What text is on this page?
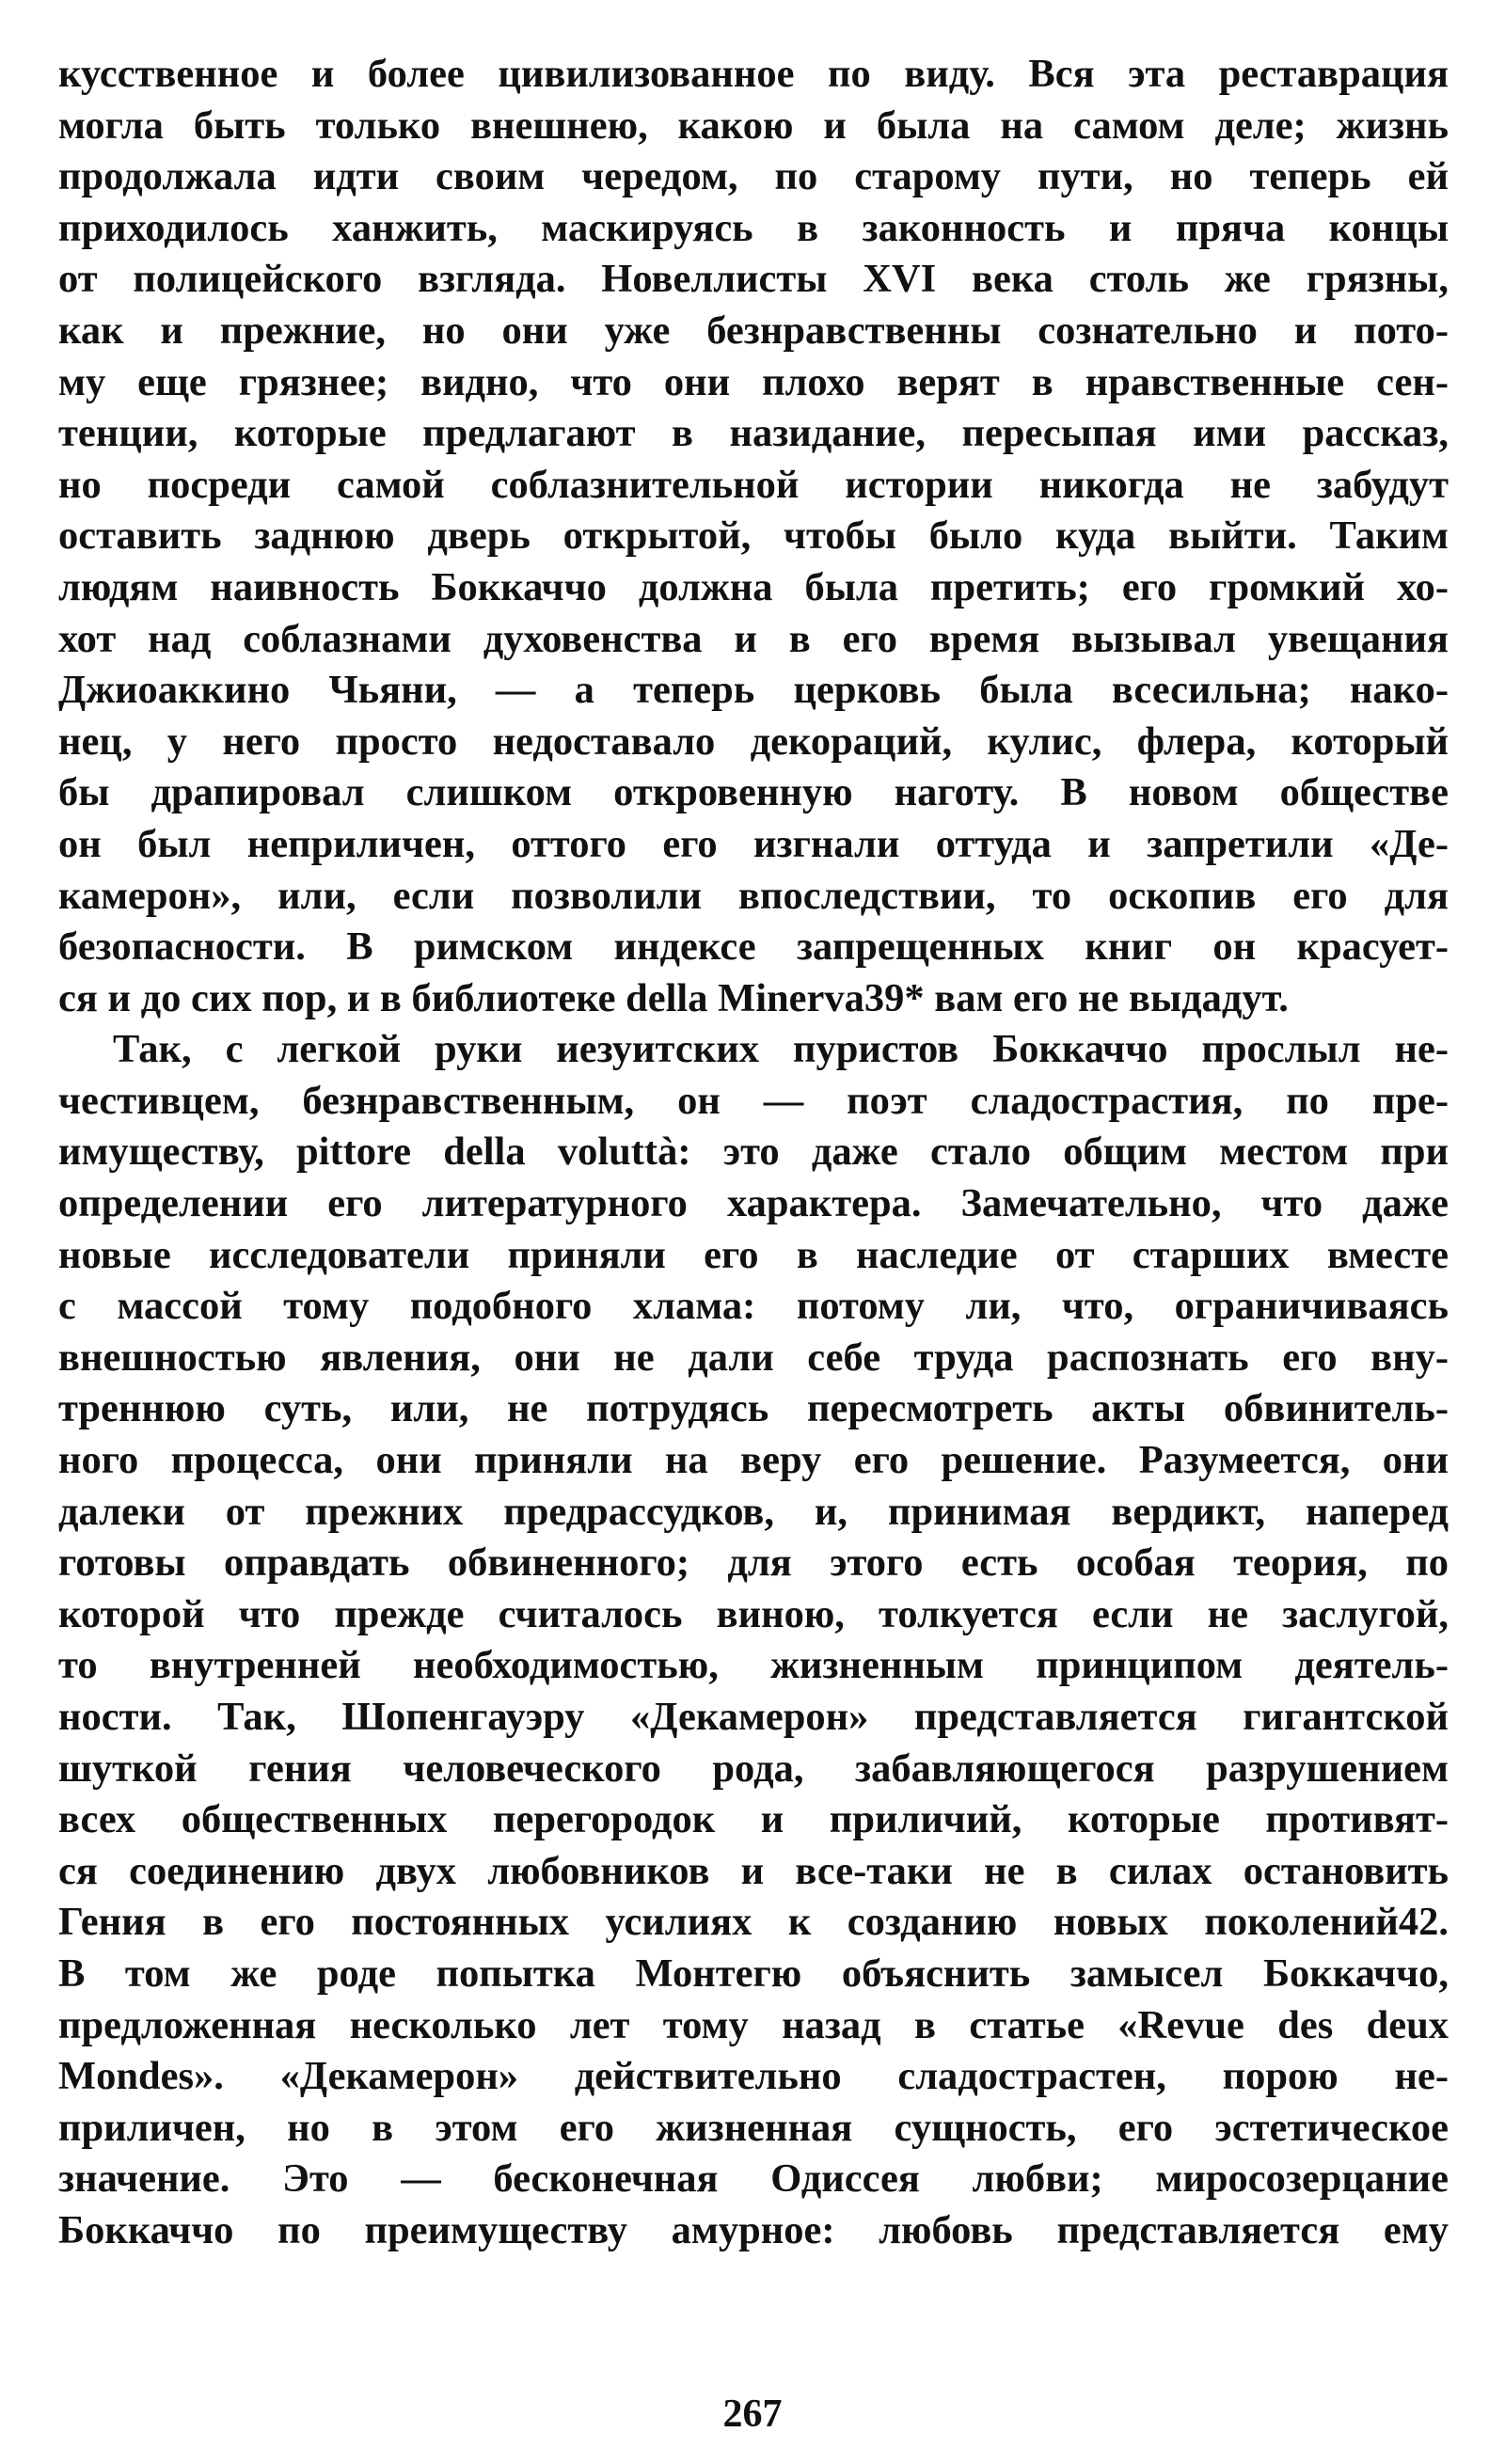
кусственное и более цивилизованное по виду. Вся эта реставрация
могла быть только внешнею, какою и была на самом деле; жизнь
продолжала идти своим чередом, по старому пути, но теперь ей
приходилось ханжить, маскируясь в законность и пряча концы
от полицейского взгляда. Новеллисты XVI века столь же грязны,
как и прежние, но они уже безнравственны сознательно и пото-
му еще грязнее; видно, что они плохо верят в нравственные сен-
тенции, которые предлагают в назидание, пересыпая ими рассказ,
но посреди самой соблазнительной истории никогда не забудут
оставить заднюю дверь открытой, чтобы было куда выйти. Таким
людям наивность Боккаччо должна была претить; его громкий хо-
хот над соблазнами духовенства и в его время вызывал увещания
Джиоаккино Чьяни, — а теперь церковь была всесильна; нако-
нец, у него просто недоставало декораций, кулис, флера, который
бы драпировал слишком откровенную наготу. В новом обществе
он был неприличен, оттого его изгнали оттуда и запретили «Де-
камерон», или, если позволили впоследствии, то оскопив его для
безопасности. В римском индексе запрещенных книг он красует-
ся и до сих пор, и в библиотеке della Minerva39* вам его не выдадут.
Так, с легкой руки иезуитских пуристов Боккаччо прослыл не-
честивцем, безнравственным, он — поэт сладострастия, по пре-
имуществу, pittore della voluttà: это даже стало общим местом при
определении его литературного характера. Замечательно, что даже
новые исследователи приняли его в наследие от старших вместе
с массой тому подобного хлама: потому ли, что, ограничиваясь
внешностью явления, они не дали себе труда распознать его вну-
треннюю суть, или, не потрудясь пересмотреть акты обвинитель-
ного процесса, они приняли на веру его решение. Разумеется, они
далеки от прежних предрассудков, и, принимая вердикт, наперед
готовы оправдать обвиненного; для этого есть особая теория, по
которой что прежде считалось виною, толкуется если не заслугой,
то внутренней необходимостью, жизненным принципом деятель-
ности. Так, Шопенгауэру «Декамерон» представляется гигантской
шуткой гения человеческого рода, забавляющегося разрушением
всех общественных перегородок и приличий, которые противят-
ся соединению двух любовников и все-таки не в силах остановить
Гения в его постоянных усилиях к созданию новых поколений42.
В том же роде попытка Монтегю объяснить замысел Боккаччо,
предложенная несколько лет тому назад в статье «Revue des deux
Mondes». «Декамерон» действительно сладострастен, порою не-
приличен, но в этом его жизненная сущность, его эстетическое
значение. Это — бесконечная Одиссея любви; миросозерцание
Боккаччо по преимуществу амурное: любовь представляется ему
267
